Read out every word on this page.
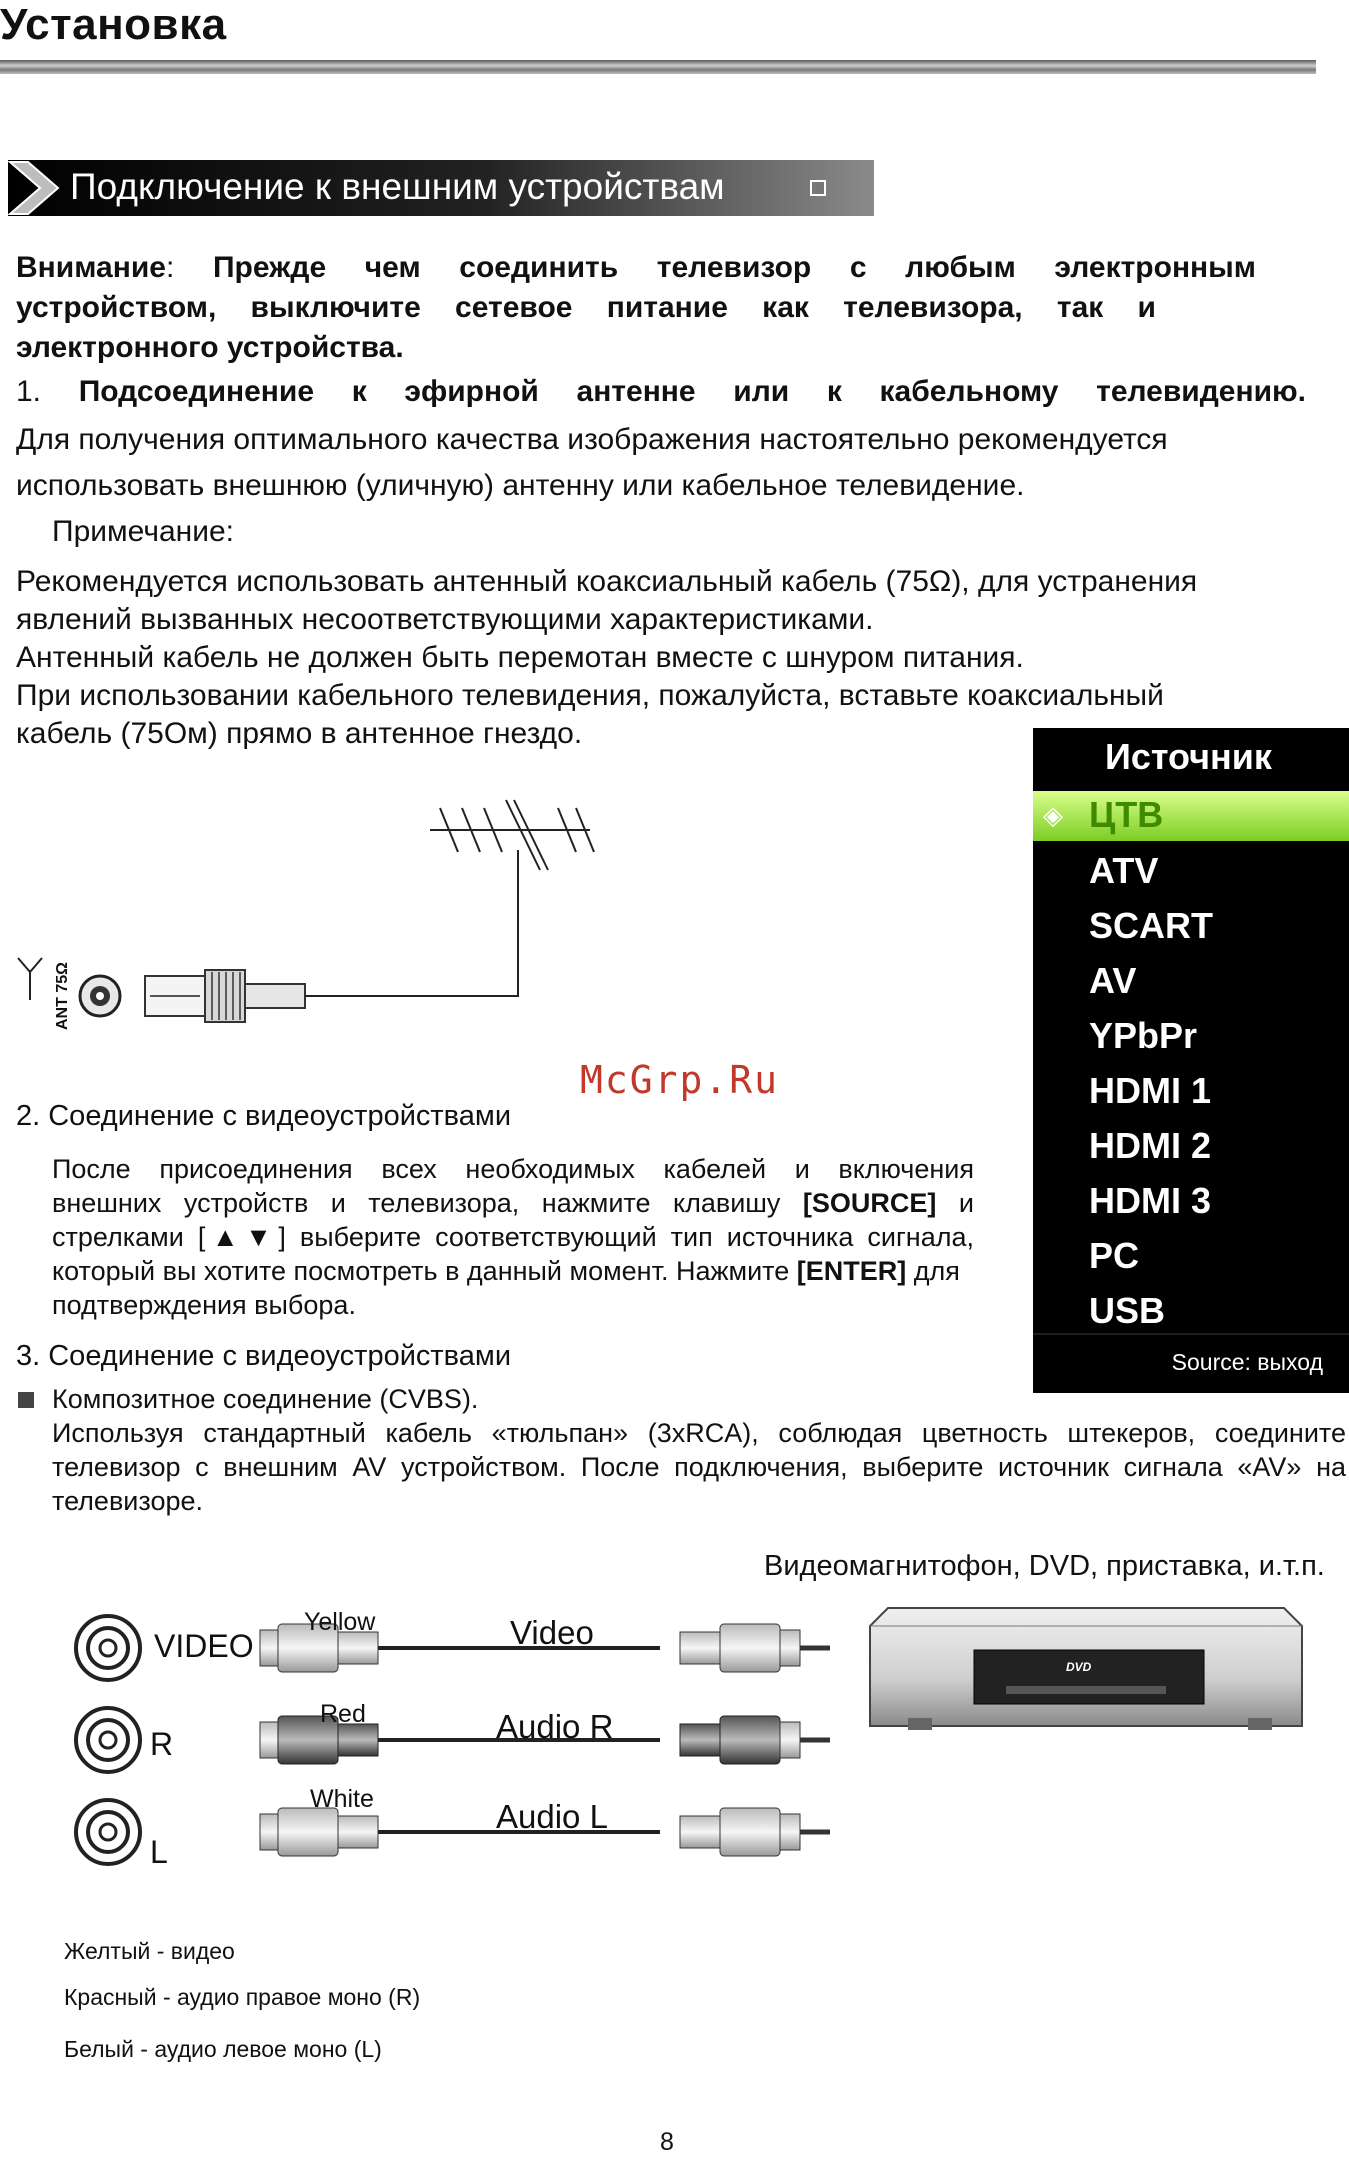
Установка
Подключение к внешним устройствам
Внимание: Прежде чем соединить телевизор с любым электронным
устройством, выключите сетевое питание как телевизора, так и
электронного устройства.
1. Подсоединение к эфирной антенне или к кабельному телевидению.
Для получения оптимального качества изображения настоятельно рекомендуется
использовать внешнюю (уличную) антенну или кабельное телевидение.
Примечание:
Рекомендуется использовать антенный коаксиальный кабель (75Ω), для устранения
явлений вызванных несоответствующими характеристиками.
Антенный кабель не должен быть перемотан вместе с шнуром питания.
При использовании кабельного телевидения, пожалуйста, вставьте коаксиальный
кабель (75Ом) прямо в антенное гнездо.
ANT 75Ω
McGrp.Ru
Источник
◈ ЦТВ
ATV
SCART
AV
YPbPr
HDMI 1
HDMI 2
HDMI 3
PC
USB
Source: выход
2. Соединение с видеоустройствами
После присоединения всех необходимых кабелей и включения
внешних устройств и телевизора, нажмите клавишу [SOURCE] и
стрелками [▲▼] выберите соответствующий тип источника сигнала,
который вы хотите посмотреть в данный момент. Нажмите [ENTER] для
подтверждения выбора.
3. Соединение с видеоустройствами
Композитное соединение (CVBS).
Используя стандартный кабель «тюльпан» (3xRCA), соблюдая цветность штекеров, соедините
телевизор с внешним AV устройством. После подключения, выберите источник сигнала «AV» на
телевизоре.
Видеомагнитофон, DVD, приставка, и.т.п.
VIDEO
R
L
Yellow
Red
White
Video
Audio R
Audio L
DVD
Желтый - видео
Красный - аудио правое моно (R)
Белый - аудио левое моно (L)
8
